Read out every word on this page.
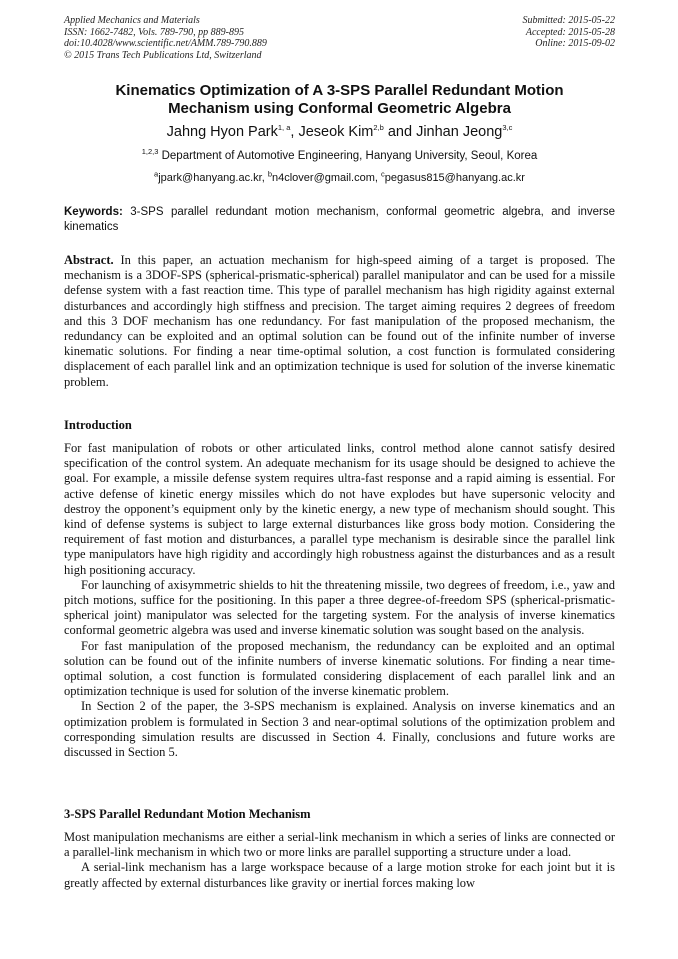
Applied Mechanics and Materials
ISSN: 1662-7482, Vols. 789-790, pp 889-895
doi:10.4028/www.scientific.net/AMM.789-790.889
© 2015 Trans Tech Publications Ltd, Switzerland
Submitted: 2015-05-22
Accepted: 2015-05-28
Online: 2015-09-02
Kinematics Optimization of A 3-SPS Parallel Redundant Motion
Mechanism using Conformal Geometric Algebra
Jahng Hyon Park$^{1, a}$, Jeseok Kim$^{2,b}$ and Jinhan Jeong$^{3,c}$
$^{1,2,3}$ Department of Automotive Engineering, Hanyang University, Seoul, Korea
$^a$jpark@hanyang.ac.kr, $^b$n4clover@gmail.com, $^c$pegasus815@hanyang.ac.kr
Keywords: 3-SPS parallel redundant motion mechanism, conformal geometric algebra, and inverse kinematics
Abstract. In this paper, an actuation mechanism for high-speed aiming of a target is proposed. The mechanism is a 3DOF-SPS (spherical-prismatic-spherical) parallel manipulator and can be used for a missile defense system with a fast reaction time. This type of parallel mechanism has high rigidity against external disturbances and accordingly high stiffness and precision. The target aiming requires 2 degrees of freedom and this 3 DOF mechanism has one redundancy. For fast manipulation of the proposed mechanism, the redundancy can be exploited and an optimal solution can be found out of the infinite number of inverse kinematic solutions. For finding a near time-optimal solution, a cost function is formulated considering displacement of each parallel link and an optimization technique is used for solution of the inverse kinematic problem.
Introduction

For fast manipulation of robots or other articulated links, control method alone cannot satisfy desired specification of the control system. An adequate mechanism for its usage should be designed to achieve the goal. For example, a missile defense system requires ultra-fast response and a rapid aiming is essential. For active defense of kinetic energy missiles which do not have explodes but have supersonic velocity and destroy the opponent’s equipment only by the kinetic energy, a new type of mechanism should sought. This kind of defense systems is subject to large external disturbances like gross body motion. Considering the requirement of fast motion and disturbances, a parallel type mechanism is desirable since the parallel link type manipulators have high rigidity and accordingly high robustness against the disturbances and as a result high positioning accuracy.

For launching of axisymmetric shields to hit the threatening missile, two degrees of freedom, i.e., yaw and pitch motions, suffice for the positioning. In this paper a three degree-of-freedom SPS (spherical-prismatic-spherical joint) manipulator was selected for the targeting system. For the analysis of inverse kinematics conformal geometric algebra was used and inverse kinematic solution was sought based on the analysis.

For fast manipulation of the proposed mechanism, the redundancy can be exploited and an optimal solution can be found out of the infinite numbers of inverse kinematic solutions. For finding a near time-optimal solution, a cost function is formulated considering displacement of each parallel link and an optimization technique is used for solution of the inverse kinematic problem.

In Section 2 of the paper, the 3-SPS mechanism is explained. Analysis on inverse kinematics and an optimization problem is formulated in Section 3 and near-optimal solutions of the optimization problem and corresponding simulation results are discussed in Section 4. Finally, conclusions and future works are discussed in Section 5.

3-SPS Parallel Redundant Motion Mechanism

Most manipulation mechanisms are either a serial-link mechanism in which a series of links are connected or a parallel-link mechanism in which two or more links are parallel supporting a structure under a load.

A serial-link mechanism has a large workspace because of a large motion stroke for each joint but it is greatly affected by external disturbances like gravity or inertial forces making low
